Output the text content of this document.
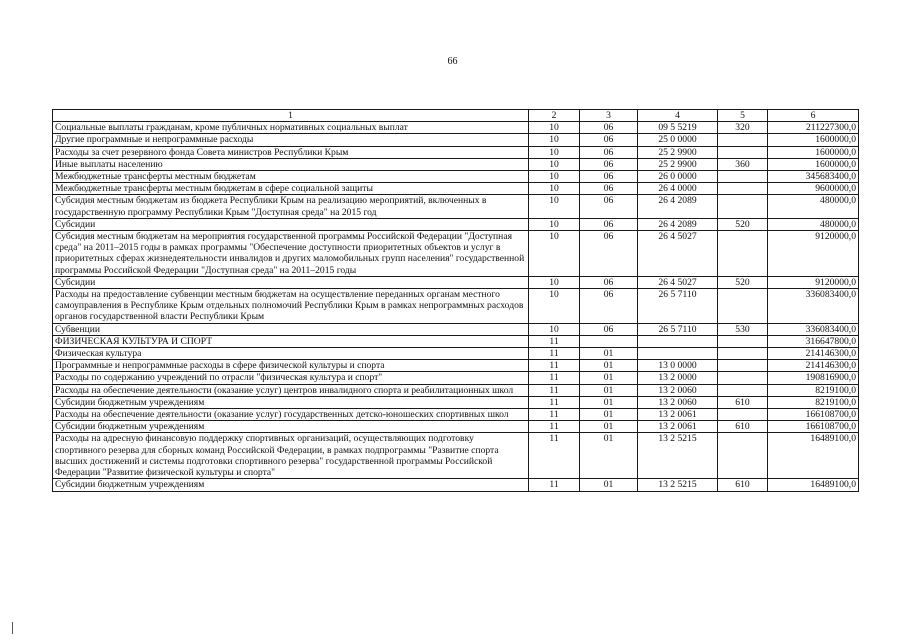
66
1	2	3	4	5	6
Социальные выплаты гражданам, кроме публичных нормативных социальных выплат	10	06	09 5 5219	320	211227300,0
Другие программные и непрограммные расходы	10	06	25 0 0000		1600000,0
Расходы за счет резервного фонда Совета министров Республики Крым	10	06	25 2 9900		1600000,0
Иные выплаты населению	10	06	25 2 9900	360	1600000,0
Межбюджетные трансферты местным бюджетам	10	06	26 0 0000		345683400,0
Межбюджетные трансферты местным бюджетам в сфере социальной защиты	10	06	26 4 0000		9600000,0
Субсидия местным бюджетам из бюджета Республики Крым на реализацию мероприятий, включенных в государственную программу Республики Крым "Доступная среда" на 2015 год	10	06	26 4 2089		480000,0
Субсидии	10	06	26 4 2089	520	480000,0
Субсидия местным бюджетам на мероприятия государственной программы Российской Федерации "Доступная среда" на 2011–2015 годы в рамках программы "Обеспечение доступности приоритетных объектов и услуг в приоритетных сферах жизнедеятельности инвалидов и других маломобильных групп населения" государственной программы Российской Федерации "Доступная среда" на 2011–2015 годы	10	06	26 4 5027		9120000,0
Субсидии	10	06	26 4 5027	520	9120000,0
Расходы на предоставление субвенции местным бюджетам на осуществление переданных органам местного самоуправления в Республике Крым отдельных полномочий Республики Крым в рамках непрограммных расходов органов государственной власти Республики Крым	10	06	26 5 7110		336083400,0
Субвенции	10	06	26 5 7110	530	336083400,0
ФИЗИЧЕСКАЯ КУЛЬТУРА И СПОРТ	11				316647800,0
Физическая культура	11	01			214146300,0
Программные и непрограммные расходы в сфере физической культуры и спорта	11	01	13 0 0000		214146300,0
Расходы по содержанию учреждений по отрасли "физическая культура и спорт"	11	01	13 2 0000		190816900,0
Расходы на обеспечение деятельности (оказание услуг) центров инвалидного спорта и реабилитационных школ	11	01	13 2 0060		8219100,0
Субсидии бюджетным учреждениям	11	01	13 2 0060	610	8219100,0
Расходы на обеспечение деятельности (оказание услуг) государственных детско-юношеских спортивных школ	11	01	13 2 0061		166108700,0
Субсидии бюджетным учреждениям	11	01	13 2 0061	610	166108700,0
Расходы на адресную финансовую поддержку спортивных организаций, осуществляющих подготовку спортивного резерва для сборных команд Российской Федерации, в рамках подпрограммы "Развитие спорта высших достижений и системы подготовки спортивного резерва" государственной программы Российской Федерации "Развитие физической культуры и спорта"	11	01	13 2 5215		16489100,0
Субсидии бюджетным учреждениям	11	01	13 2 5215	610	16489100,0
